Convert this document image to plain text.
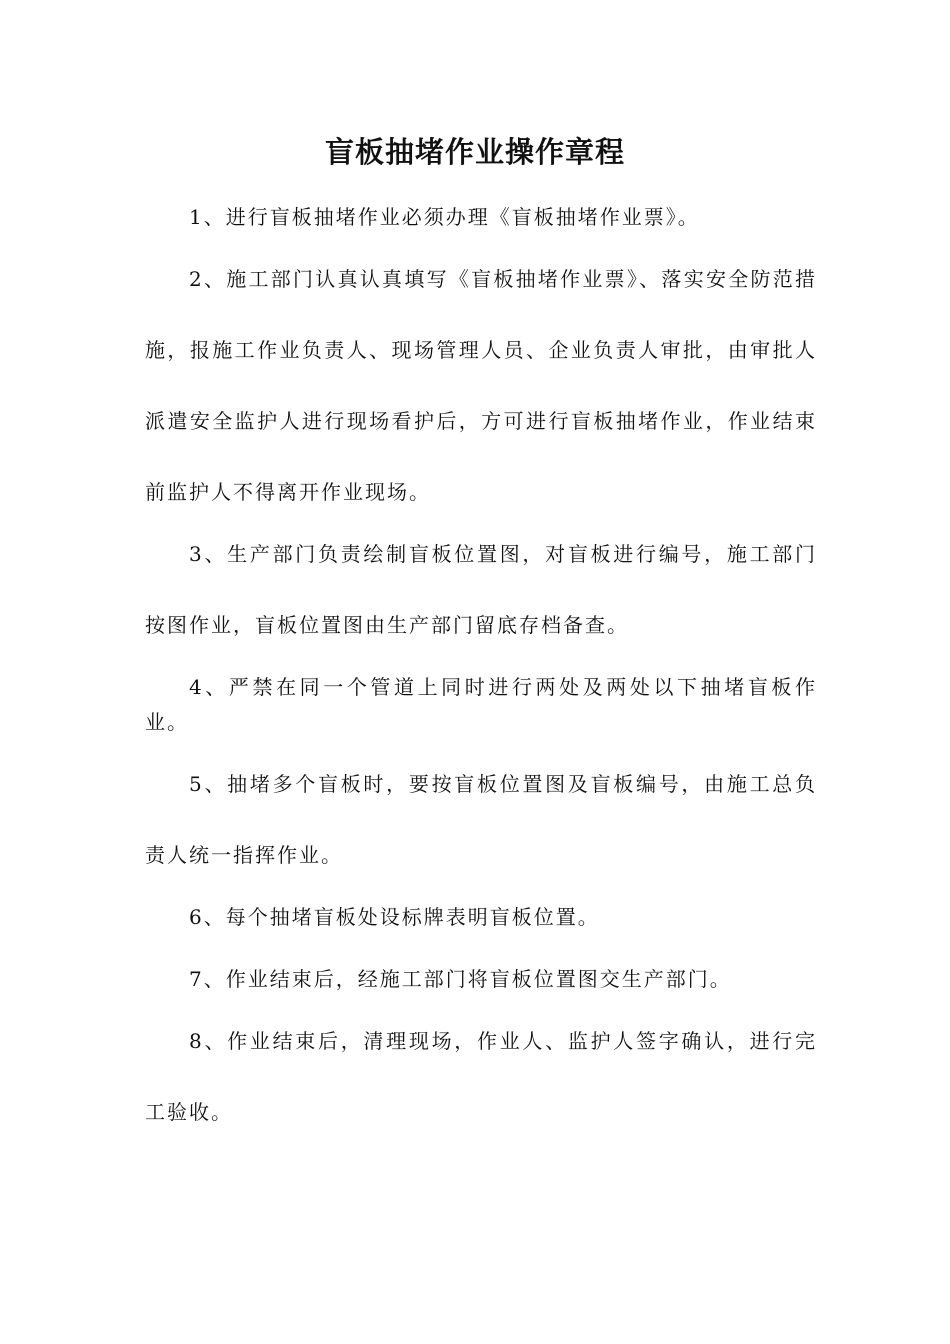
盲板抽堵作业操作章程

1、进行盲板抽堵作业必须办理《盲板抽堵作业票》。

2、施工部门认真认真填写《盲板抽堵作业票》、落实安全防范措施，报施工作业负责人、现场管理人员、企业负责人审批，由审批人派遣安全监护人进行现场看护后，方可进行盲板抽堵作业，作业结束前监护人不得离开作业现场。

3、生产部门负责绘制盲板位置图，对盲板进行编号，施工部门按图作业，盲板位置图由生产部门留底存档备查。

4、严禁在同一个管道上同时进行两处及两处以下抽堵盲板作业。

5、抽堵多个盲板时，要按盲板位置图及盲板编号，由施工总负责人统一指挥作业。

6、每个抽堵盲板处设标牌表明盲板位置。

7、作业结束后，经施工部门将盲板位置图交生产部门。

8、作业结束后，清理现场，作业人、监护人签字确认，进行完工验收。
